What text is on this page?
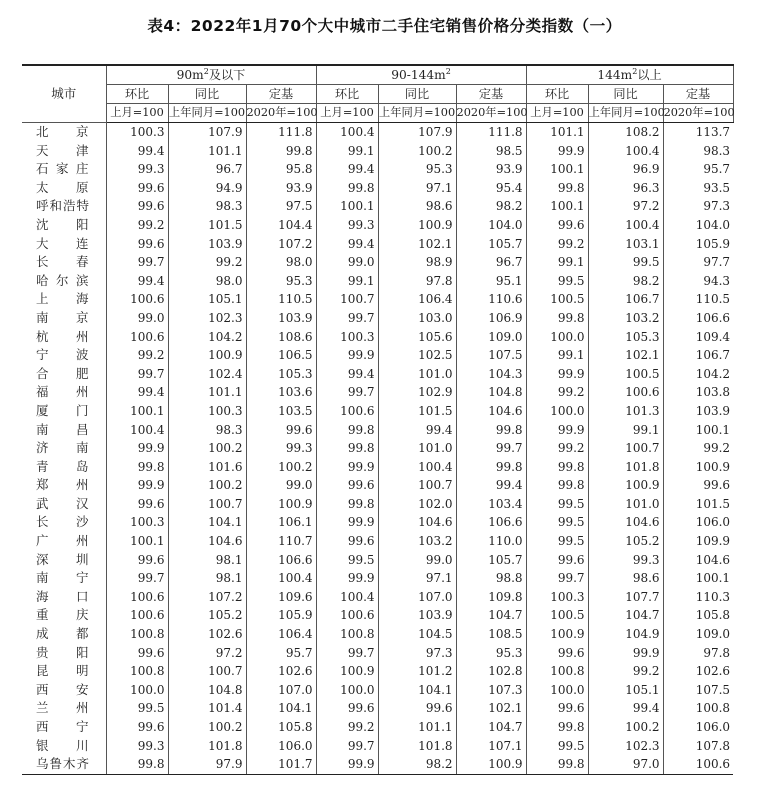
表4：2022年1月70个大中城市二手住宅销售价格分类指数（一）
城市	$90m^2$及以下			$90-144m^2$			$144m^2$以上		
	环比	同比	定基	环比	同比	定基	环比	同比	定基
	上月=100	上年同月=100	2020年=100	上月=100	上年同月=100	2020年=100	上月=100	上年同月=100	2020年=100
北京	100.3	107.9	111.8	100.4	107.9	111.8	101.1	108.2	113.7
天津	99.4	101.1	99.8	99.1	100.2	98.5	99.9	100.4	98.3
石家庄	99.3	96.7	95.8	99.4	95.3	93.9	100.1	96.9	95.7
太原	99.6	94.9	93.9	99.8	97.1	95.4	99.8	96.3	93.5
呼和浩特	99.6	98.3	97.5	100.1	98.6	98.2	100.1	97.2	97.3
沈阳	99.2	101.5	104.4	99.3	100.9	104.0	99.6	100.4	104.0
大连	99.6	103.9	107.2	99.4	102.1	105.7	99.2	103.1	105.9
长春	99.7	99.2	98.0	99.0	98.9	96.7	99.1	99.5	97.7
哈尔滨	99.4	98.0	95.3	99.1	97.8	95.1	99.5	98.2	94.3
上海	100.6	105.1	110.5	100.7	106.4	110.6	100.5	106.7	110.5
南京	99.0	102.3	103.9	99.7	103.0	106.9	99.8	103.2	106.6
杭州	100.6	104.2	108.6	100.3	105.6	109.0	100.0	105.3	109.4
宁波	99.2	100.9	106.5	99.9	102.5	107.5	99.1	102.1	106.7
合肥	99.7	102.4	105.3	99.4	101.0	104.3	99.9	100.5	104.2
福州	99.4	101.1	103.6	99.7	102.9	104.8	99.2	100.6	103.8
厦门	100.1	100.3	103.5	100.6	101.5	104.6	100.0	101.3	103.9
南昌	100.4	98.3	99.6	99.8	99.4	99.8	99.9	99.1	100.1
济南	99.9	100.2	99.3	99.8	101.0	99.7	99.2	100.7	99.2
青岛	99.8	101.6	100.2	99.9	100.4	99.8	99.8	101.8	100.9
郑州	99.9	100.2	99.0	99.6	100.7	99.4	99.8	100.9	99.6
武汉	99.6	100.7	100.9	99.8	102.0	103.4	99.5	101.0	101.5
长沙	100.3	104.1	106.1	99.9	104.6	106.6	99.5	104.6	106.0
广州	100.1	104.6	110.7	99.6	103.2	110.0	99.5	105.2	109.9
深圳	99.6	98.1	106.6	99.5	99.0	105.7	99.6	99.3	104.6
南宁	99.7	98.1	100.4	99.9	97.1	98.8	99.7	98.6	100.1
海口	100.6	107.2	109.6	100.4	107.0	109.8	100.3	107.7	110.3
重庆	100.6	105.2	105.9	100.6	103.9	104.7	100.5	104.7	105.8
成都	100.8	102.6	106.4	100.8	104.5	108.5	100.9	104.9	109.0
贵阳	99.6	97.2	95.7	99.7	97.3	95.3	99.6	99.9	97.8
昆明	100.8	100.7	102.6	100.9	101.2	102.8	100.8	99.2	102.6
西安	100.0	104.8	107.0	100.0	104.1	107.3	100.0	105.1	107.5
兰州	99.5	101.4	104.1	99.6	99.6	102.1	99.6	99.4	100.8
西宁	99.6	100.2	105.8	99.2	101.1	104.7	99.8	100.2	106.0
银川	99.3	101.8	106.0	99.7	101.8	107.1	99.5	102.3	107.8
乌鲁木齐	99.8	97.9	101.7	99.9	98.2	100.9	99.8	97.0	100.6
